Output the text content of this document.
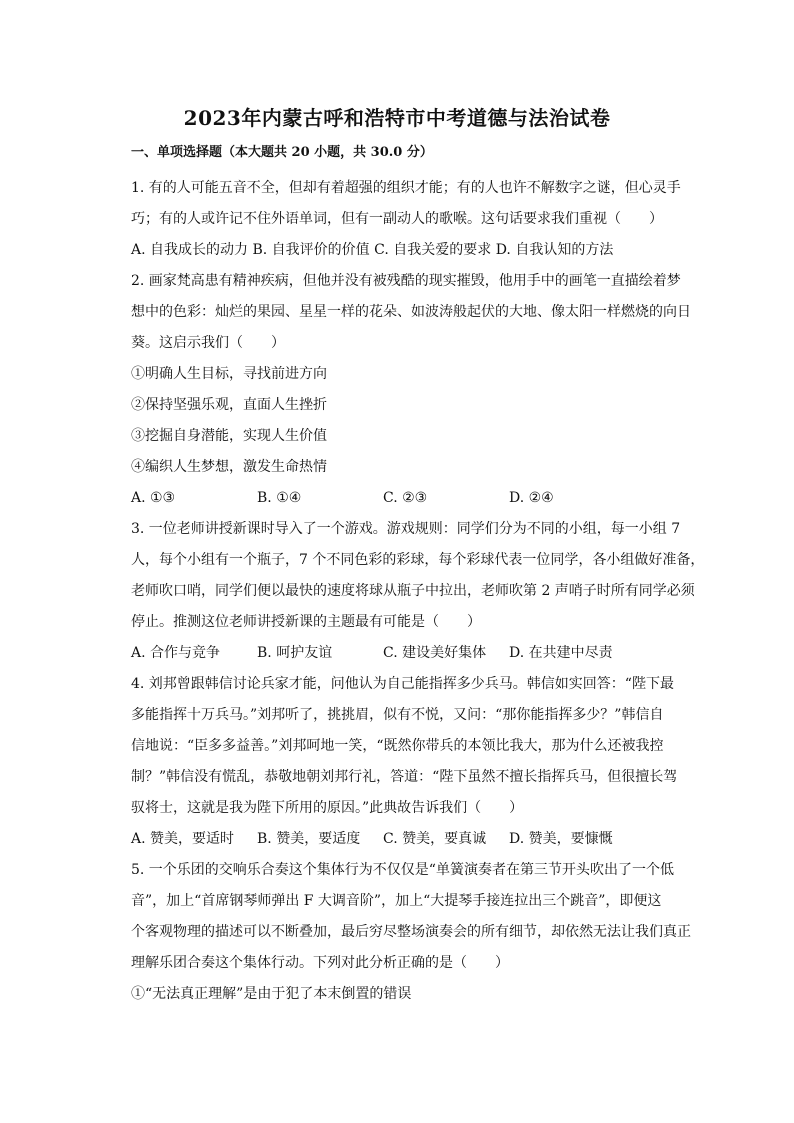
2023年内蒙古呼和浩特市中考道德与法治试卷
一、单项选择题（本大题共 20 小题，共 30.0 分）
1. 有的人可能五音不全，但却有着超强的组织才能；有的人也许不解数字之谜，但心灵手
巧；有的人或许记不住外语单词，但有一副动人的歌喉。这句话要求我们重视（　　）
A. 自我成长的动力
B. 自我评价的价值
C. 自我关爱的要求
D. 自我认知的方法
2. 画家梵高患有精神疾病，但他并没有被残酷的现实摧毁，他用手中的画笔一直描绘着梦
想中的色彩：灿烂的果园、星星一样的花朵、如波涛般起伏的大地、像太阳一样燃烧的向日
葵。这启示我们（　　）
①明确人生目标，寻找前进方向
②保持坚强乐观，直面人生挫折
③挖掘自身潜能，实现人生价值
④编织人生梦想，激发生命热情
A. ①③	B. ①④	C. ②③	D. ②④
3. 一位老师讲授新课时导入了一个游戏。游戏规则：同学们分为不同的小组，每一小组 7
人，每个小组有一个瓶子，7 个不同色彩的彩球，每个彩球代表一位同学，各小组做好准备，
老师吹口哨，同学们便以最快的速度将球从瓶子中拉出，老师吹第 2 声哨子时所有同学必须
停止。推测这位老师讲授新课的主题最有可能是（　　）
A. 合作与竞争	B. 呵护友谊	C. 建设美好集体	D. 在共建中尽责
4. 刘邦曾跟韩信讨论兵家才能，问他认为自己能指挥多少兵马。韩信如实回答：“陛下最
多能指挥十万兵马。”刘邦听了，挑挑眉，似有不悦，又问：“那你能指挥多少？”韩信自
信地说：“臣多多益善。”刘邦呵地一笑，“既然你带兵的本领比我大，那为什么还被我控
制？”韩信没有慌乱，恭敬地朝刘邦行礼，答道：“陛下虽然不擅长指挥兵马，但很擅长驾
驭将士，这就是我为陛下所用的原因。”此典故告诉我们（　　）
A. 赞美，要适时	B. 赞美，要适度	C. 赞美，要真诚	D. 赞美，要慷慨
5. 一个乐团的交响乐合奏这个集体行为不仅仅是“单簧演奏者在第三节开头吹出了一个低
音”，加上“首席钢琴师弹出 F 大调音阶”，加上“大提琴手接连拉出三个跳音”，即便这
个客观物理的描述可以不断叠加，最后穷尽整场演奏会的所有细节，却依然无法让我们真正
理解乐团合奏这个集体行动。下列对此分析正确的是（　　）
①“无法真正理解”是由于犯了本末倒置的错误
